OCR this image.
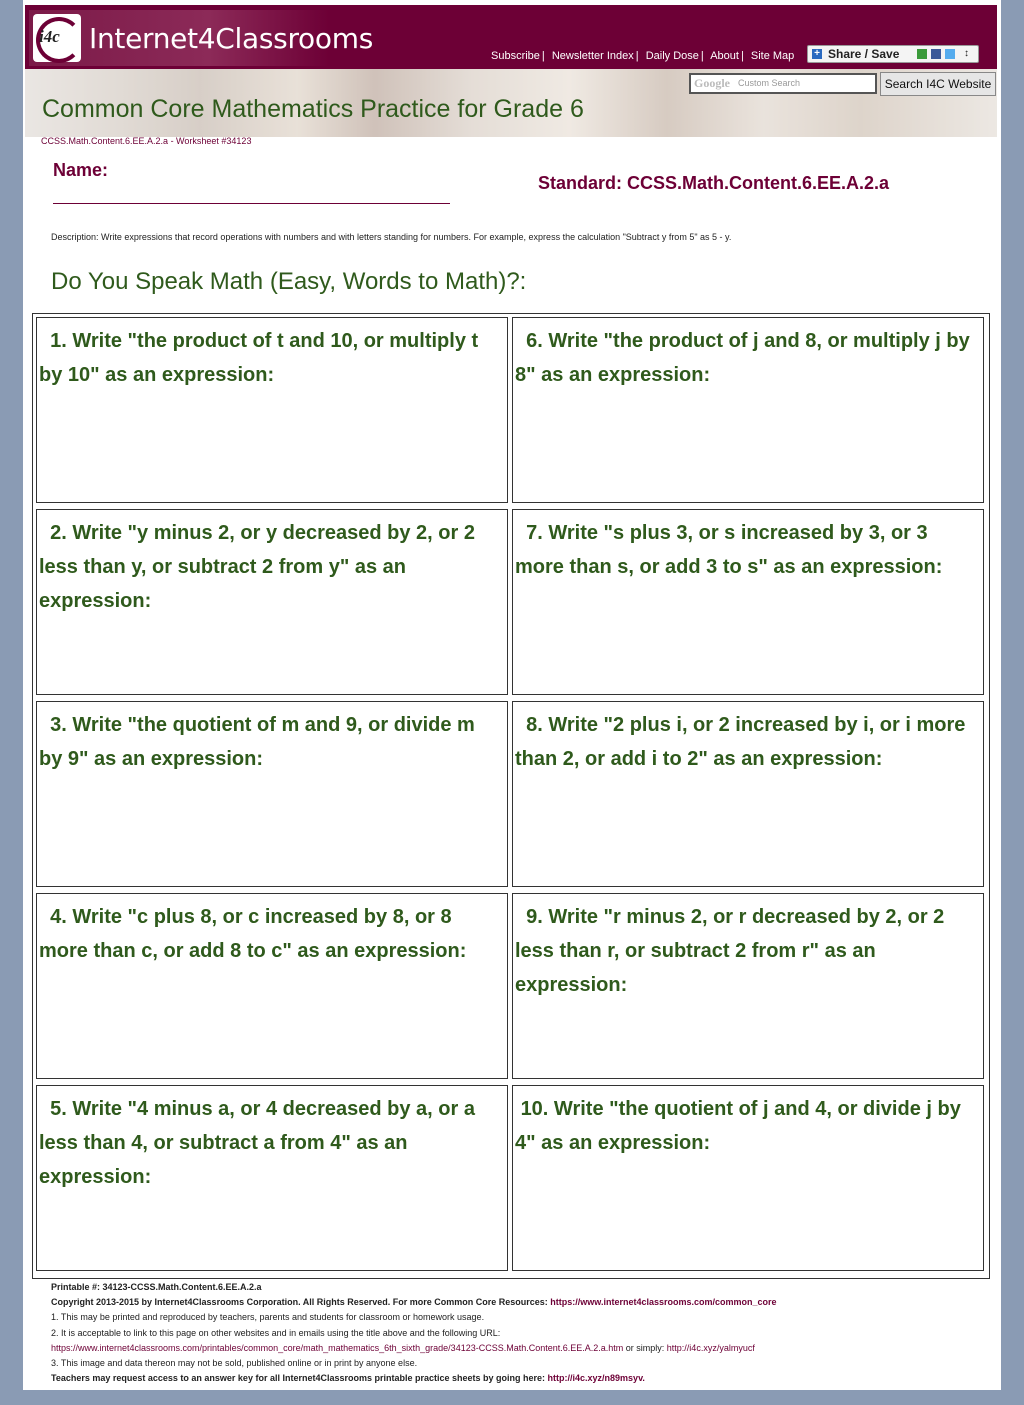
i4c Internet4Classrooms
Subscribe | Newsletter Index | Daily Dose | About | Site Map + Share / Save	↕
Google Custom Search	Search I4C Website
Common Core Mathematics Practice for Grade 6
CCSS.Math.Content.6.EE.A.2.a - Worksheet #34123
Name:
Standard: CCSS.Math.Content.6.EE.A.2.a
Description: Write expressions that record operations with numbers and with letters standing for numbers. For example, express the calculation "Subtract y from 5" as 5 - y.
Do You Speak Math (Easy, Words to Math)?:
1. Write "the product of t and 10, or multiply t by 10" as an expression:
6. Write "the product of j and 8, or multiply j by 8" as an expression:
2. Write "y minus 2, or y decreased by 2, or 2 less than y, or subtract 2 from y" as an expression:
7. Write "s plus 3, or s increased by 3, or 3 more than s, or add 3 to s" as an expression:
3. Write "the quotient of m and 9, or divide m by 9" as an expression:
8. Write "2 plus i, or 2 increased by i, or i more than 2, or add i to 2" as an expression:
4. Write "c plus 8, or c increased by 8, or 8 more than c, or add 8 to c" as an expression:
9. Write "r minus 2, or r decreased by 2, or 2 less than r, or subtract 2 from r" as an expression:
5. Write "4 minus a, or 4 decreased by a, or a less than 4, or subtract a from 4" as an expression:
10. Write "the quotient of j and 4, or divide j by 4" as an expression:
Printable #: 34123-CCSS.Math.Content.6.EE.A.2.a
Copyright 2013-2015 by Internet4Classrooms Corporation. All Rights Reserved. For more Common Core Resources: https://www.internet4classrooms.com/common_core
1. This may be printed and reproduced by teachers, parents and students for classroom or homework usage.
2. It is acceptable to link to this page on other websites and in emails using the title above and the following URL:
https://www.internet4classrooms.com/printables/common_core/math_mathematics_6th_sixth_grade/34123-CCSS.Math.Content.6.EE.A.2.a.htm or simply: http://i4c.xyz/yalmyucf
3. This image and data thereon may not be sold, published online or in print by anyone else.
Teachers may request access to an answer key for all Internet4Classrooms printable practice sheets by going here: http://i4c.xyz/n89msyv.
